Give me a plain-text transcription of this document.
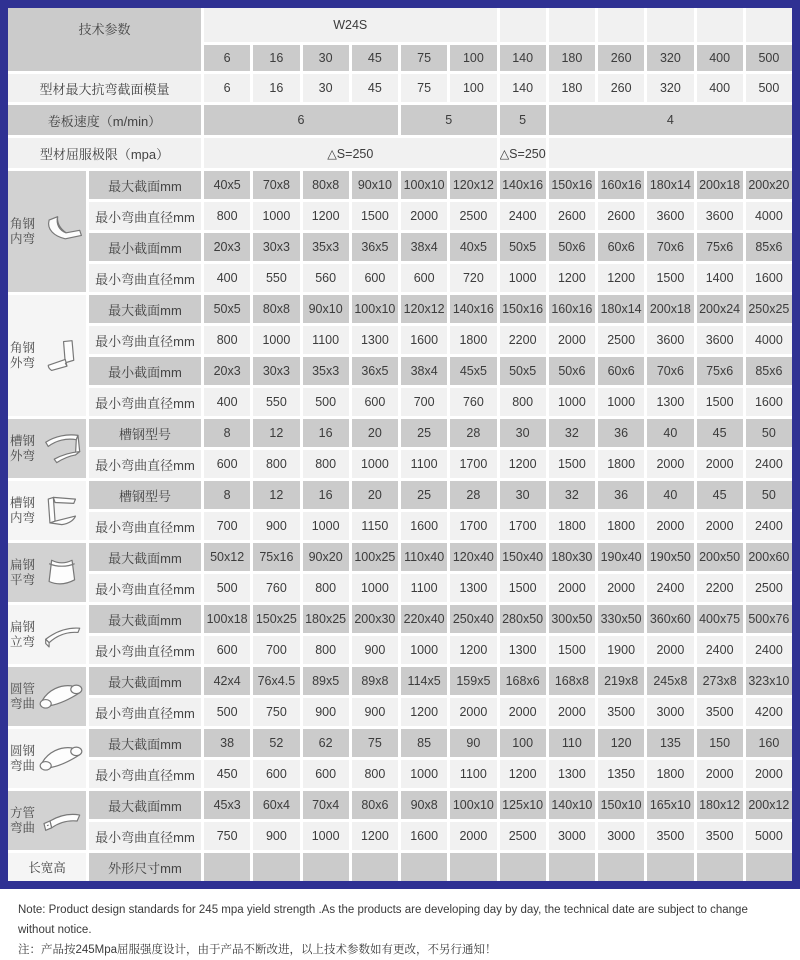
技术参数	W24S
6	16	30	45	75	100	140	180	260	320	400	500
型材最大抗弯截面模量	6	16	30	45	75	100	140	180	260	320	400	500
卷板速度（m/min）	6	5	5	4
型材屈服极限（mpa）	△S=250	△S=250
角钢
内弯
最大截面mm	40x5	70x8	80x8	90x10 100x10 120x12 140x16 150x16 160x16 180x14 200x18 200x20
最小弯曲直径mm	800	1000	1200	1500	2000	2500	2400	2600	2600	3600	3600	4000
最小截面mm	20x3	30x3	35x3	36x5	38x4	40x5	50x5	50x6	60x6	70x6	75x6	85x6
最小弯曲直径mm	400	550	560	600	600	720	1000	1200	1200	1500	1400	1600
角钢
外弯
最大截面mm	50x5	80x8	90x10 100x10 120x12 140x16 150x16 160x16 180x14 200x18 200x24 250x25
最小弯曲直径mm	800	1000	1100	1300	1600	1800	2200	2000	2500	3600	3600	4000
最小截面mm	20x3	30x3	35x3	36x5	38x4	45x5	50x5	50x6	60x6	70x6	75x6	85x6
最小弯曲直径mm	400	550	500	600	700	760	800	1000	1000	1300	1500	1600
槽钢
外弯
槽钢型号	8	12	16	20	25	28	30	32	36	40	45	50
最小弯曲直径mm	600	800	800	1000	1100	1700	1200	1500	1800	2000	2000	2400
槽钢
内弯
槽钢型号	8	12	16	20	25	28	30	32	36	40	45	50
最小弯曲直径mm	700	900	1000	1150	1600	1700	1700	1800	1800	2000	2000	2400
扁钢
平弯
最大截面mm	50x12	75x16	90x20 100x25 110x40 120x40 150x40 180x30 190x40 190x50 200x50 200x60
最小弯曲直径mm	500	760	800	1000	1100	1300	1500	2000	2000	2400	2200	2500
扁钢
立弯
最大截面mm	100x18 150x25 180x25 200x30 220x40 250x40 280x50 300x50 330x50 360x60 400x75 500x76
最小弯曲直径mm	600	700	800	900	1000	1200	1300	1500	1900	2000	2400	2400
圆管
弯曲
最大截面mm	42x4	76x4.5	89x5	89x8	114x5	159x5	168x6	168x8	219x8	245x8	273x8 323x10
最小弯曲直径mm	500	750	900	900	1200	2000	2000	2000	3500	3000	3500	4200
圆钢
弯曲
最大截面mm	38	52	62	75	85	90	100	110	120	135	150	160
最小弯曲直径mm	450	600	600	800	1000	1100	1200	1300	1350	1800	2000	2000
方管
弯曲
最大截面mm	45x3	60x4	70x4	80x6	90x8	100x10 125x10 140x10 150x10 165x10 180x12 200x12
最小弯曲直径mm	750	900	1000	1200	1600	2000	2500	3000	3000	3500	3500	5000
长宽高	外形尺寸mm
Note: Product design standards for 245 mpa yield strength .As the products are developing day by day, the technical date are subject to change without notice.
注：产品按245Mpa屈服强度设计，由于产品不断改进，以上技术参数如有更改，不另行通知！
